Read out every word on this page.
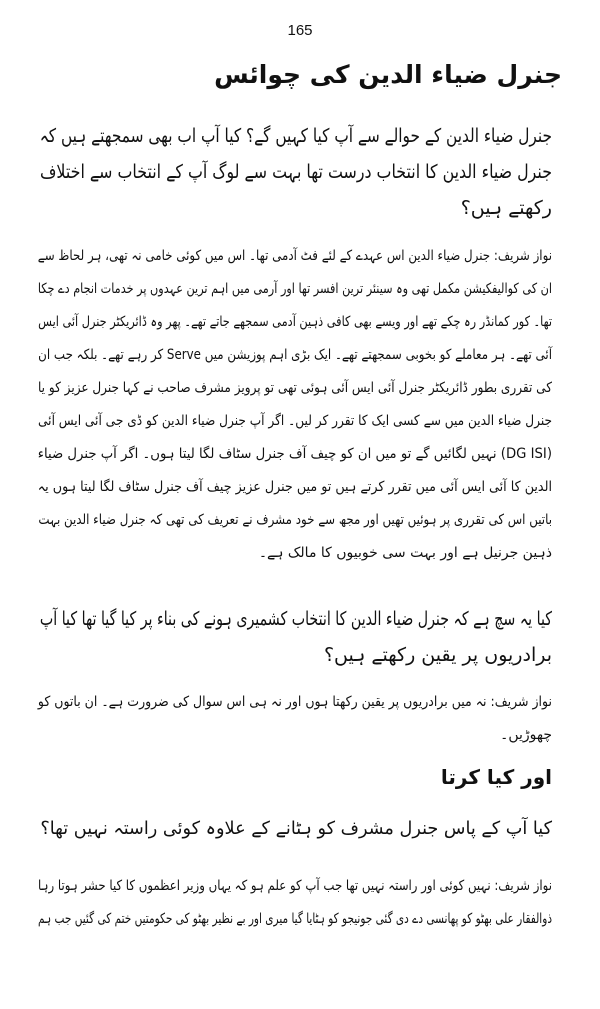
165
جنرل ضیاء الدین کی چوائس
جنرل ضیاء الدین کے حوالے سے آپ کیا کہیں گے؟ کیا آپ اب بھی سمجھتے ہیں کہ
جنرل ضیاء الدین کا انتخاب درست تھا بہت سے لوگ آپ کے انتخاب سے اختلاف
رکھتے ہیں؟
نواز شریف: جنرل ضیاء الدین اس عہدے کے لئے فٹ آدمی تھا۔ اس میں کوئی خامی نہ تھی، ہر لحاظ سے
ان کی کوالیفکیشن مکمل تھی وہ سینئر ترین افسر تھا اور آرمی میں اہم ترین عہدوں پر خدمات انجام دے چکا
تھا۔ کور کمانڈر رہ چکے تھے اور ویسے بھی کافی ذہین آدمی سمجھے جاتے تھے۔ پھر وہ ڈائریکٹر جنرل آئی ایس
آئی تھے۔ ہر معاملے کو بخوبی سمجھتے تھے۔ ایک بڑی اہم پوزیشن میں Serve کر رہے تھے۔ بلکہ جب ان
کی تقرری بطور ڈائریکٹر جنرل آئی ایس آئی ہوئی تھی تو پرویز مشرف صاحب نے کہا جنرل عزیز کو یا
جنرل ضیاء الدین میں سے کسی ایک کا تقرر کر لیں۔ اگر آپ جنرل ضیاء الدین کو ڈی جی آئی ایس آئی
(DG ISI) نہیں لگائیں گے تو میں ان کو چیف آف جنرل سٹاف لگا لیتا ہوں۔ اگر آپ جنرل ضیاء
الدین کا آئی ایس آئی میں تقرر کرتے ہیں تو میں جنرل عزیز چیف آف جنرل سٹاف لگا لیتا ہوں یہ
باتیں اس کی تقرری پر ہوئیں تھیں اور مجھ سے خود مشرف نے تعریف کی تھی کہ جنرل ضیاء الدین بہت
ذہین جرنیل ہے اور بہت سی خوبیوں کا مالک ہے۔
کیا یہ سچ ہے کہ جنرل ضیاء الدین کا انتخاب کشمیری ہونے کی بناء پر کیا گیا تھا کیا آپ
برادریوں پر یقین رکھتے ہیں؟
نواز شریف: نہ میں برادریوں پر یقین رکھتا ہوں اور نہ ہی اس سوال کی ضرورت ہے۔ ان باتوں کو
چھوڑیں۔
اور کیا کرتا
کیا آپ کے پاس جنرل مشرف کو ہٹانے کے علاوہ کوئی راستہ نہیں تھا؟
نواز شریف: نہیں کوئی اور راستہ نہیں تھا جب آپ کو علم ہو کہ یہاں وزیر اعظموں کا کیا حشر ہوتا رہا
ذوالفقار علی بھٹو کو پھانسی دے دی گئی جونیجو کو ہٹایا گیا میری اور بے نظیر بھٹو کی حکومتیں ختم کی گئیں جب ہم
